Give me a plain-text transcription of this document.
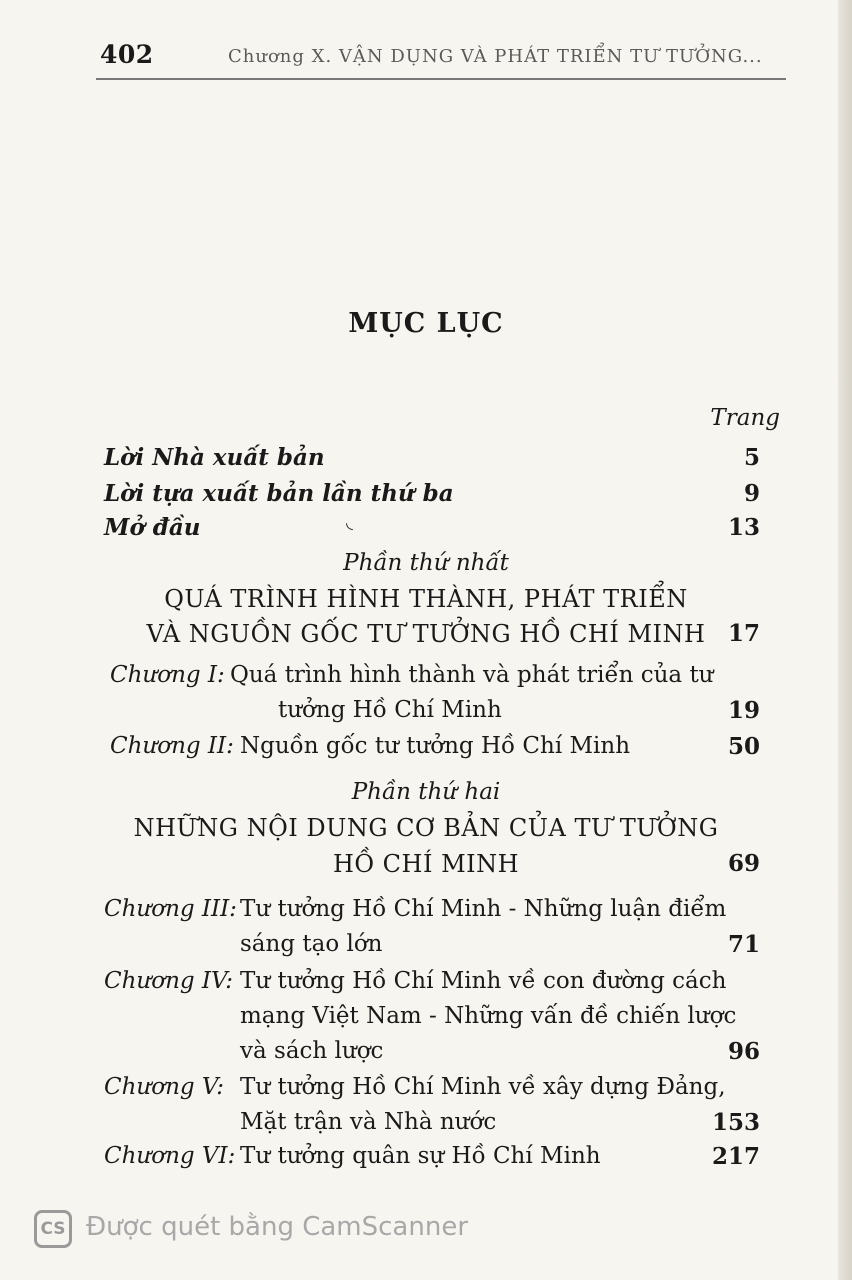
402	Chương X. VẬN DỤNG VÀ PHÁT TRIỂN TƯ TƯỞNG...
MỤC LỤC
Trang
Lời Nhà xuất bản	5
Lời tựa xuất bản lần thứ ba	9
Mở đầu	13
◟
Phần thứ nhất
QUÁ TRÌNH HÌNH THÀNH, PHÁT TRIỂN
VÀ NGUỒN GỐC TƯ TƯỞNG HỒ CHÍ MINH 17
Chương I: Quá trình hình thành và phát triển của tư
tưởng Hồ Chí Minh	19
Chương II: Nguồn gốc tư tưởng Hồ Chí Minh	50
Phần thứ hai
NHỮNG NỘI DUNG CƠ BẢN CỦA TƯ TƯỞNG
HỒ CHÍ MINH	69
Chương III: Tư tưởng Hồ Chí Minh - Những luận điểm
sáng tạo lớn	71
Chương IV: Tư tưởng Hồ Chí Minh về con đường cách
mạng Việt Nam - Những vấn đề chiến lược
và sách lược	96
Chương V: Tư tưởng Hồ Chí Minh về xây dựng Đảng,
Mặt trận và Nhà nước	153
Chương VI: Tư tưởng quân sự Hồ Chí Minh	217
CS Được quét bằng CamScanner
